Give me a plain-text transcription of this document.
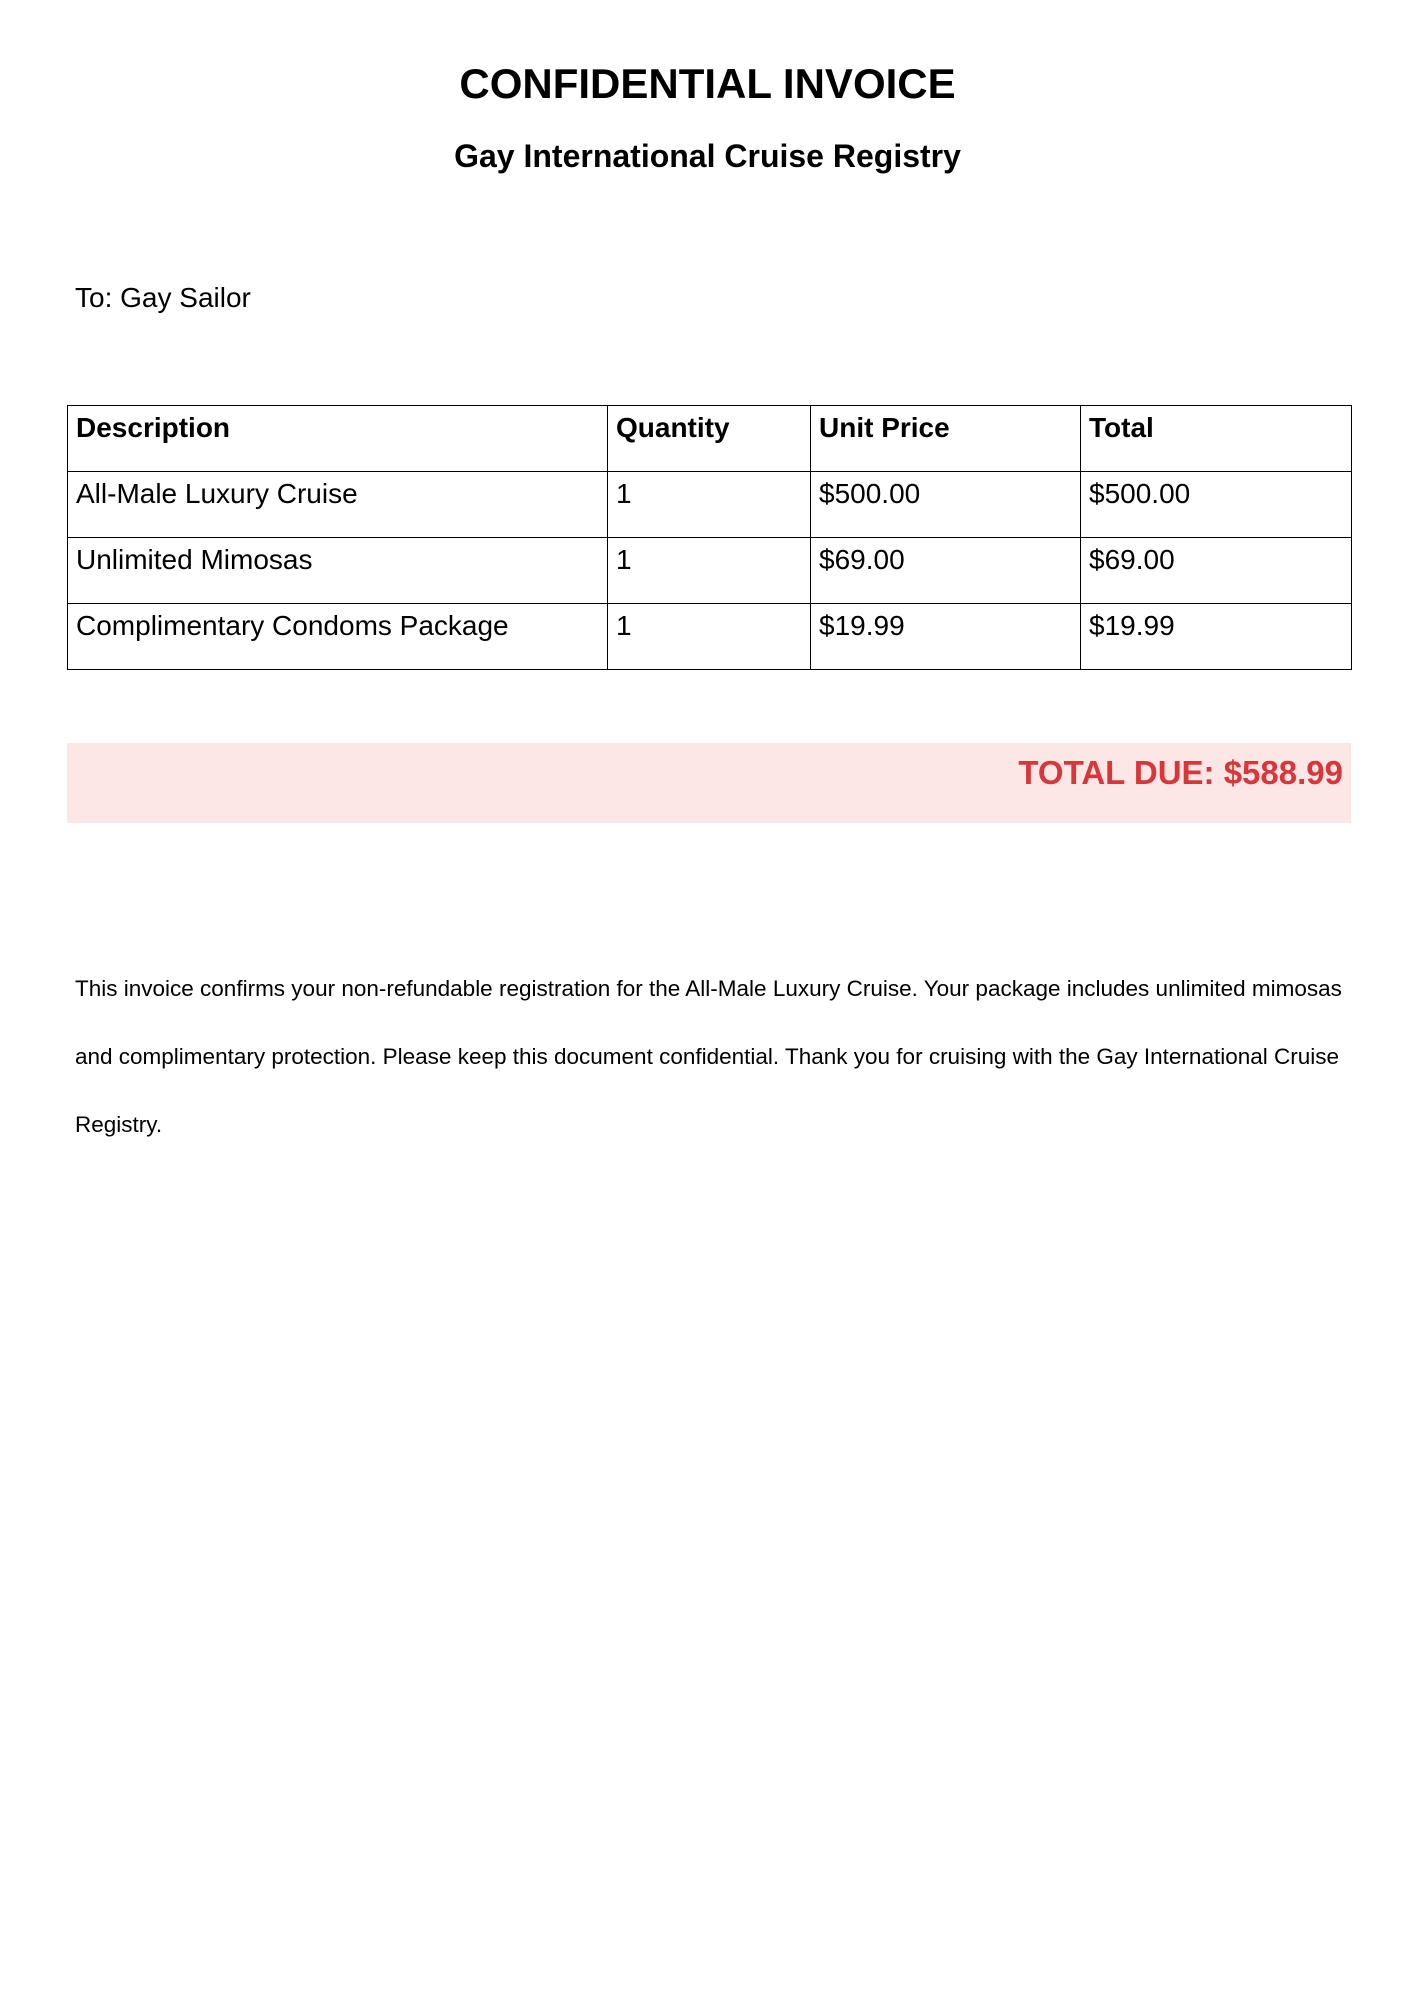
CONFIDENTIAL INVOICE
Gay International Cruise Registry
To: Gay Sailor
Description	Quantity	Unit Price	Total
All-Male Luxury Cruise	1	$500.00	$500.00
Unlimited Mimosas	1	$69.00	$69.00
Complimentary Condoms Package	1	$19.99	$19.99
TOTAL DUE: $588.99

This invoice confirms your non-refundable registration for the All-Male Luxury Cruise. Your package includes unlimited mimosas and complimentary protection. Please keep this document confidential. Thank you for cruising with the Gay International Cruise Registry.
